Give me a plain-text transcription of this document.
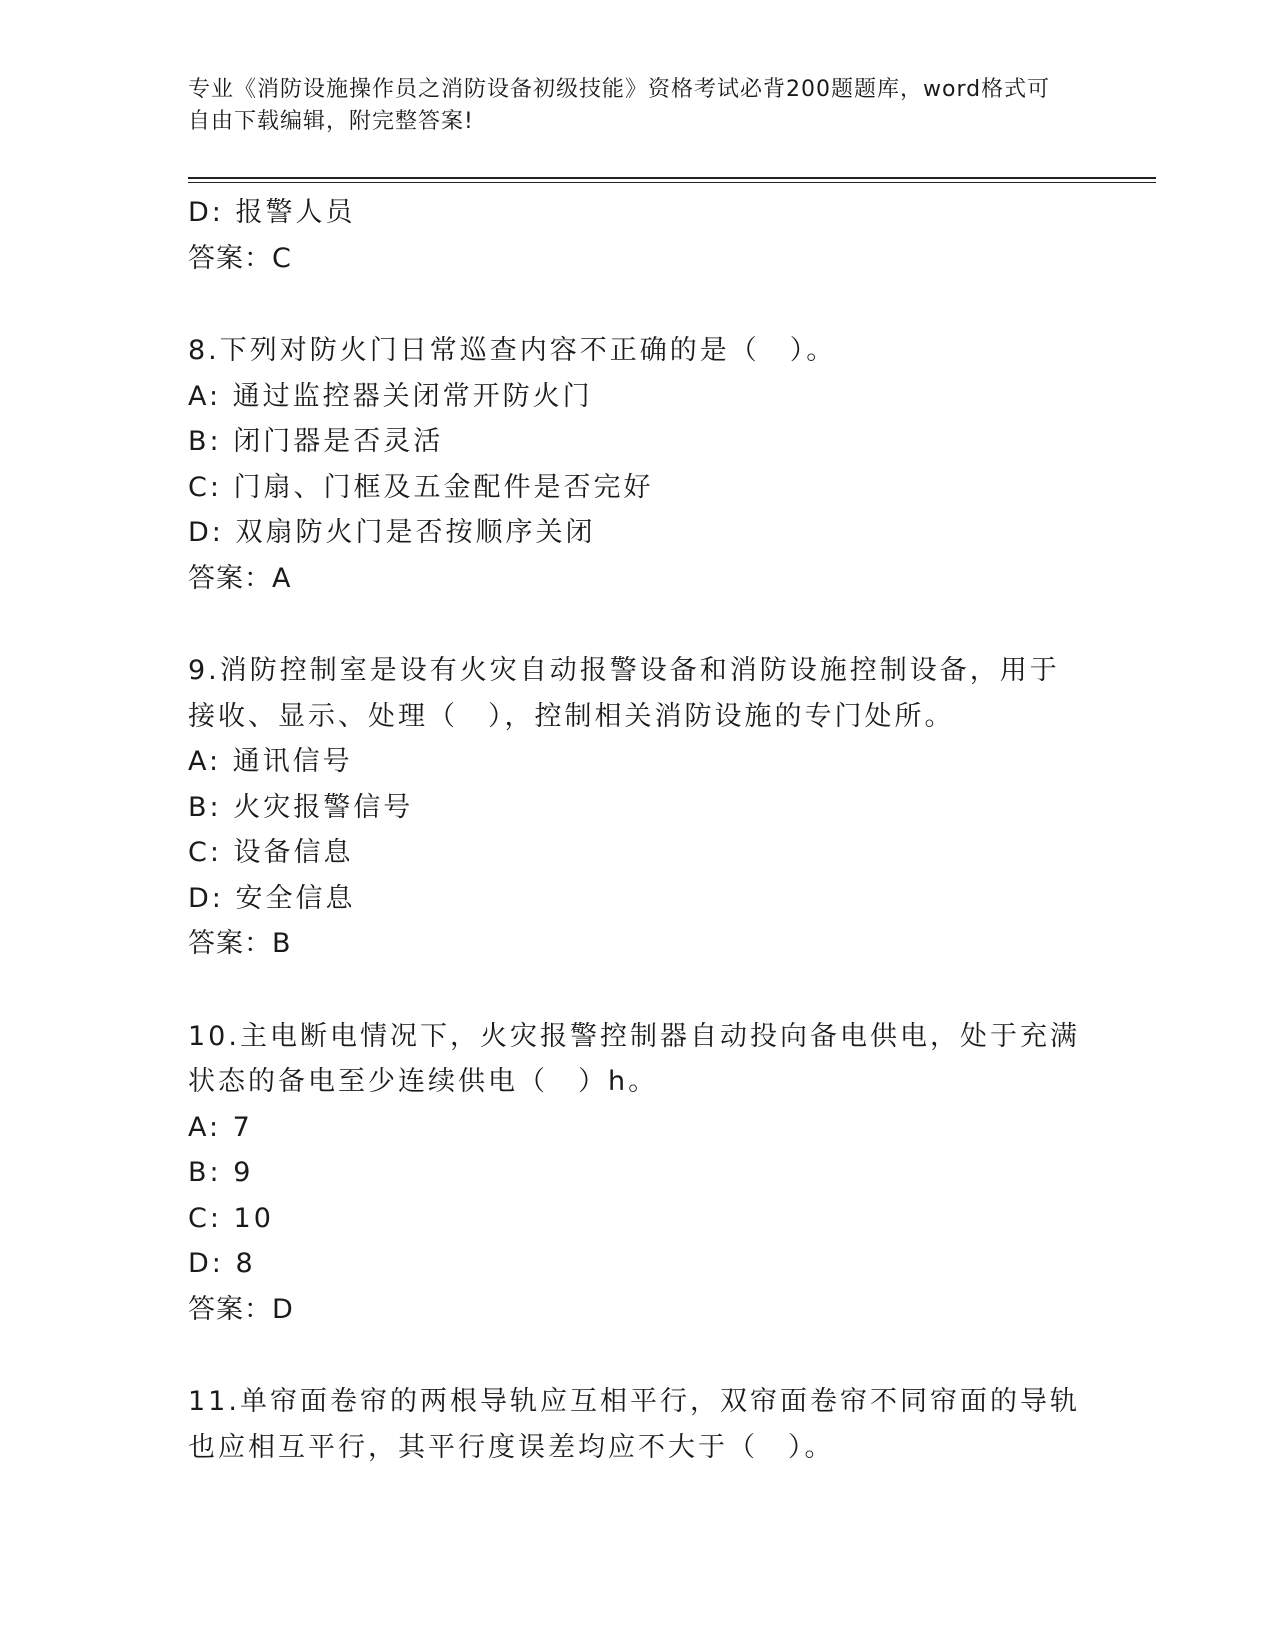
专业《消防设施操作员之消防设备初级技能》资格考试必背200题题库，word格式可自由下载编辑，附完整答案!
D: 报警人员
答案：C
8.下列对防火门日常巡查内容不正确的是（　）。
A: 通过监控器关闭常开防火门
B: 闭门器是否灵活
C: 门扇、门框及五金配件是否完好
D: 双扇防火门是否按顺序关闭
答案：A
9.消防控制室是设有火灾自动报警设备和消防设施控制设备，用于接收、显示、处理（　），控制相关消防设施的专门处所。
A: 通讯信号
B: 火灾报警信号
C: 设备信息
D: 安全信息
答案：B
10.主电断电情况下，火灾报警控制器自动投向备电供电，处于充满状态的备电至少连续供电（　）h。
A: 7
B: 9
C: 10
D: 8
答案：D
11.单帘面卷帘的两根导轨应互相平行，双帘面卷帘不同帘面的导轨也应相互平行，其平行度误差均应不大于（　）。
